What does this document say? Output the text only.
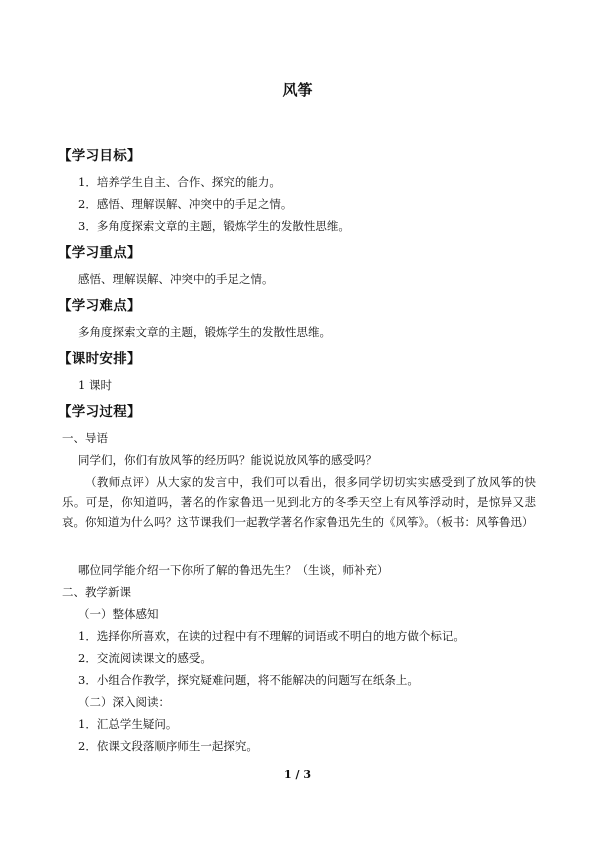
风筝
【学习目标】
1．培养学生自主、合作、探究的能力。
2．感悟、理解误解、冲突中的手足之情。
3．多角度探索文章的主题，锻炼学生的发散性思维。
【学习重点】
感悟、理解误解、冲突中的手足之情。
【学习难点】
多角度探索文章的主题，锻炼学生的发散性思维。
【课时安排】
1 课时
【学习过程】
一、导语
同学们，你们有放风筝的经历吗？能说说放风筝的感受吗？
（教师点评）从大家的发言中，我们可以看出，很多同学切切实实感受到了放风筝的快乐。可是，你知道吗，著名的作家鲁迅一见到北方的冬季天空上有风筝浮动时，是惊异又悲哀。你知道为什么吗？这节课我们一起教学著名作家鲁迅先生的《风筝》。（板书：风筝鲁迅）
哪位同学能介绍一下你所了解的鲁迅先生？（生谈，师补充）
二、教学新课
（一）整体感知
1．选择你所喜欢，在读的过程中有不理解的词语或不明白的地方做个标记。
2．交流阅读课文的感受。
3．小组合作教学，探究疑难问题，将不能解决的问题写在纸条上。
（二）深入阅读：
1．汇总学生疑问。
2．依课文段落顺序师生一起探究。
1 / 3
